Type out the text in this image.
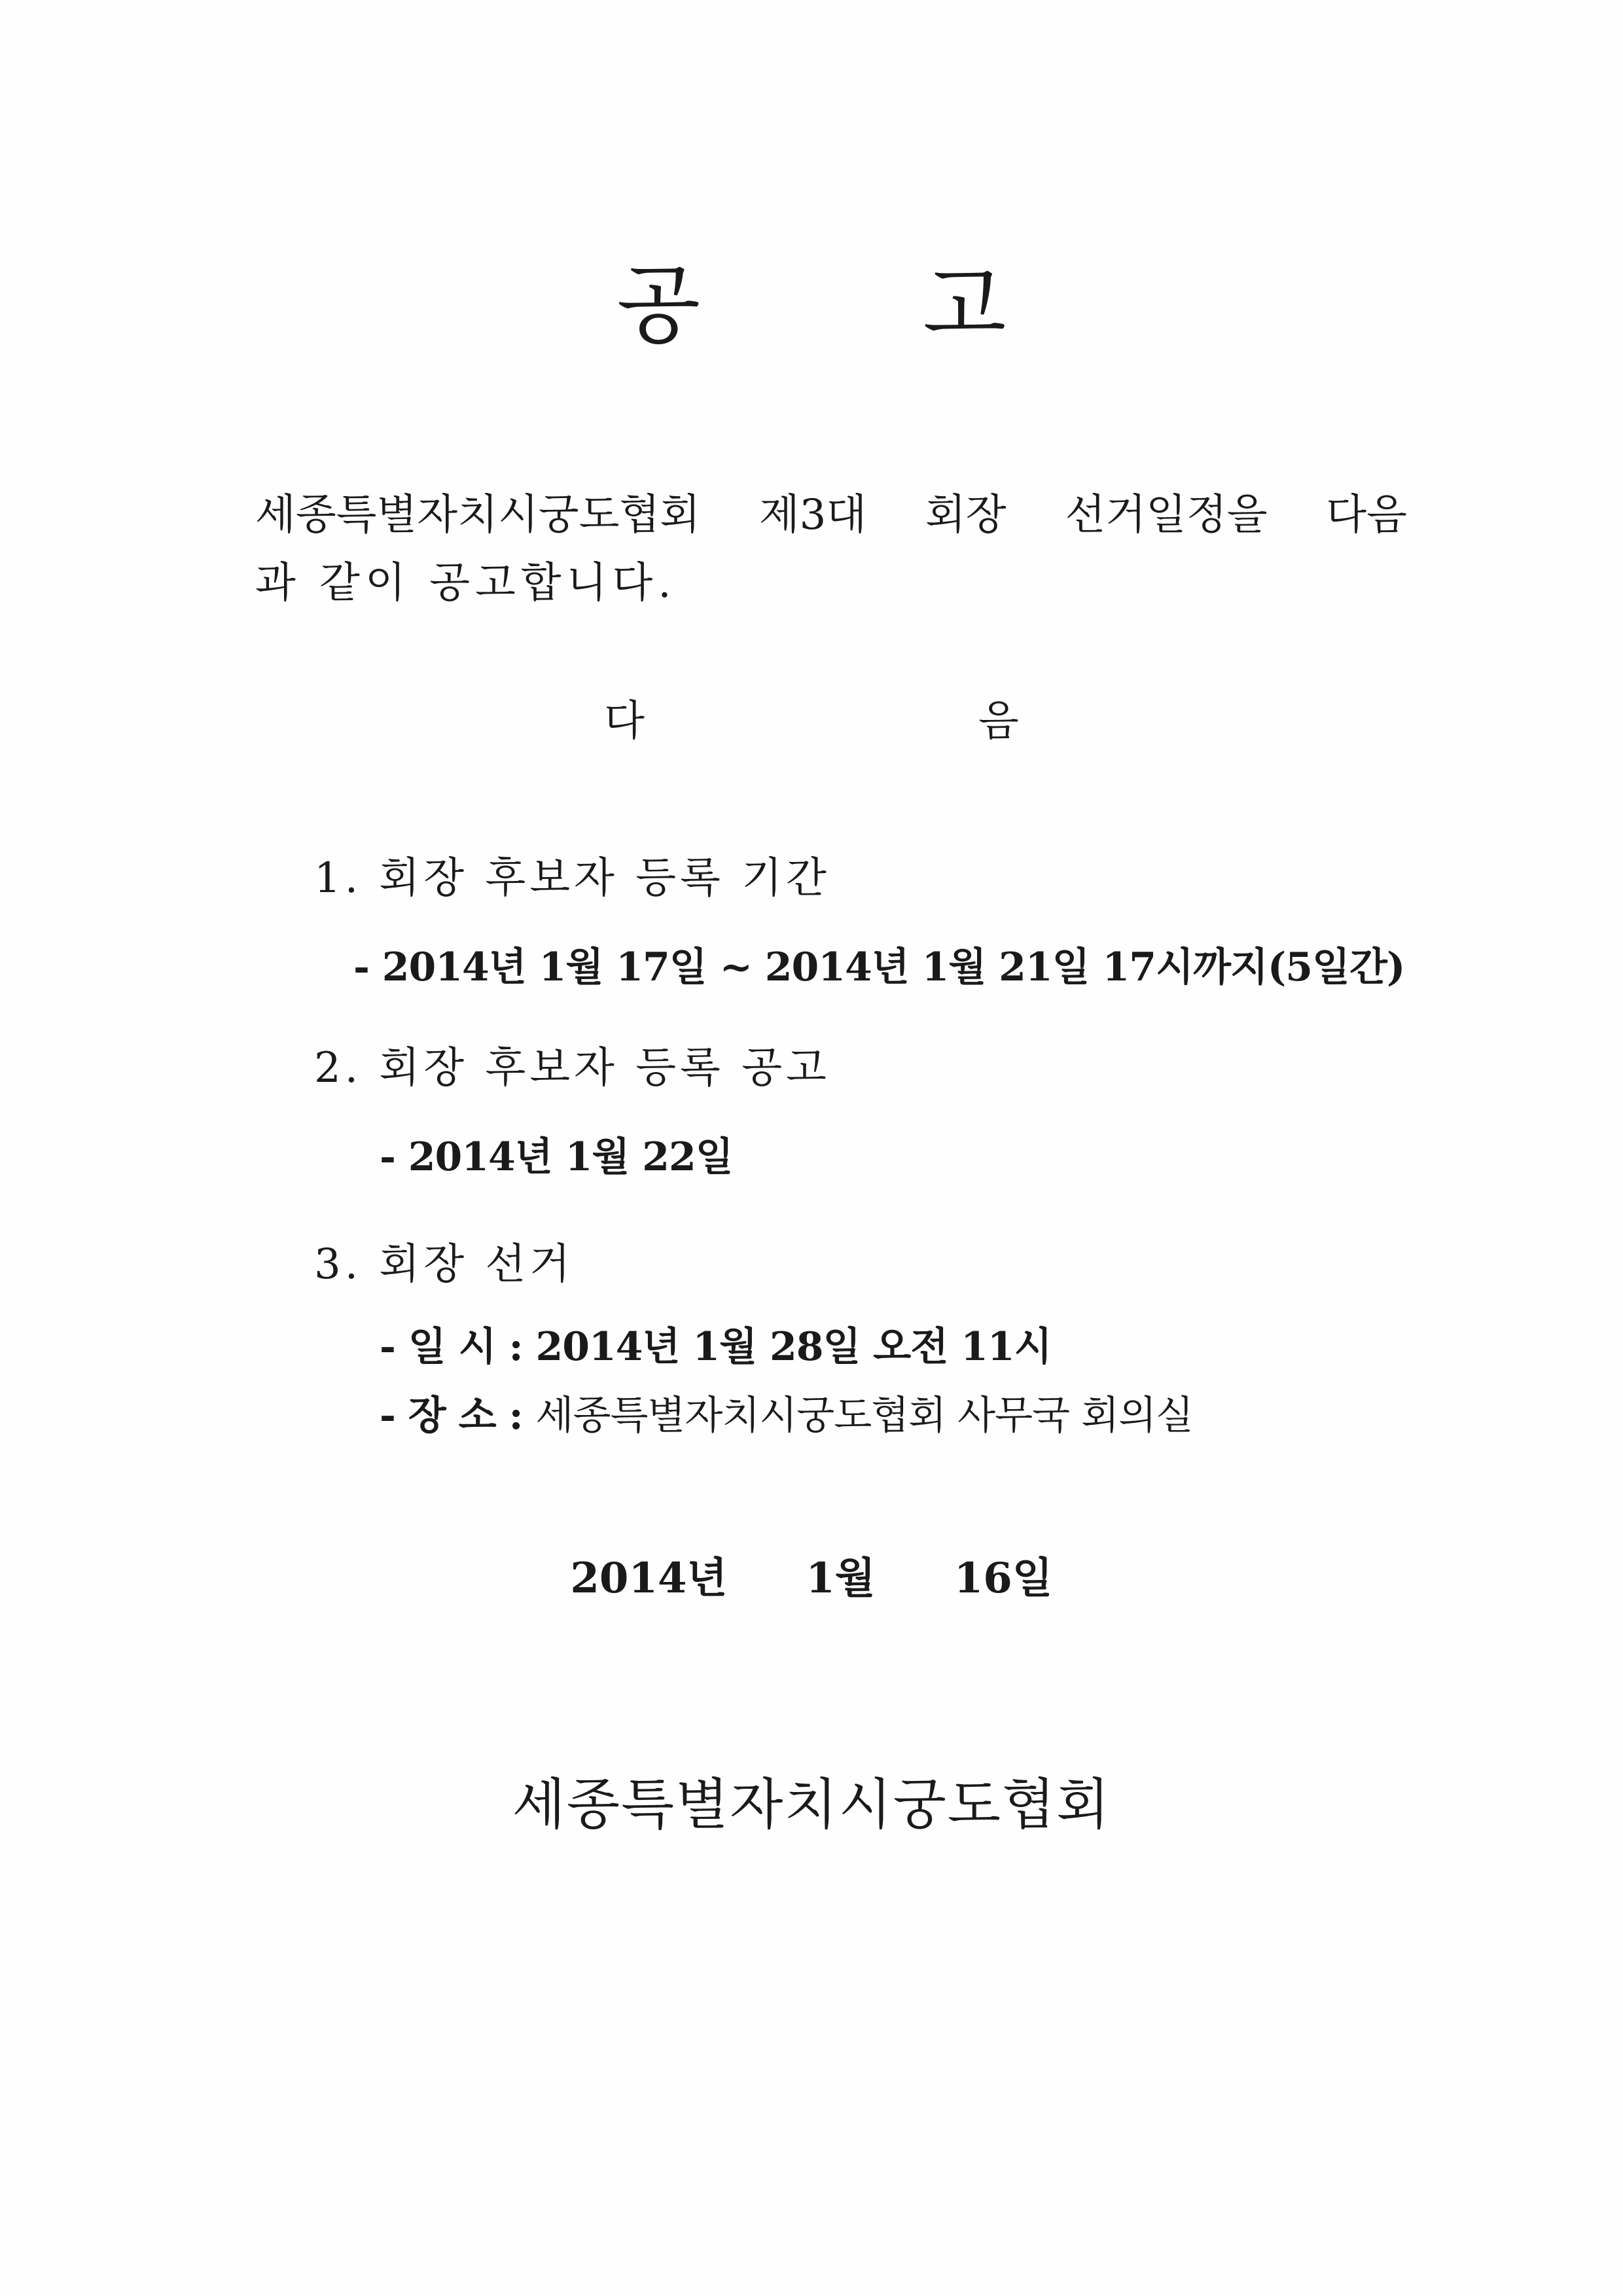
공	고
세종특별자치시궁도협회 제3대 회장 선거일정을 다음
과 같이 공고합니다.
다	음
1. 회장 후보자 등록 기간
- 2014년 1월 17일 ~ 2014년 1월 21일 17시까지(5일간)
2. 회장 후보자 등록 공고
- 2014년 1월 22일
3. 회장 선거
- 일 시 : 2014년 1월 28일 오전 11시
- 장 소 : 세종특별자치시궁도협회 사무국 회의실
2014년 1월 16일
세종특별자치시궁도협회
